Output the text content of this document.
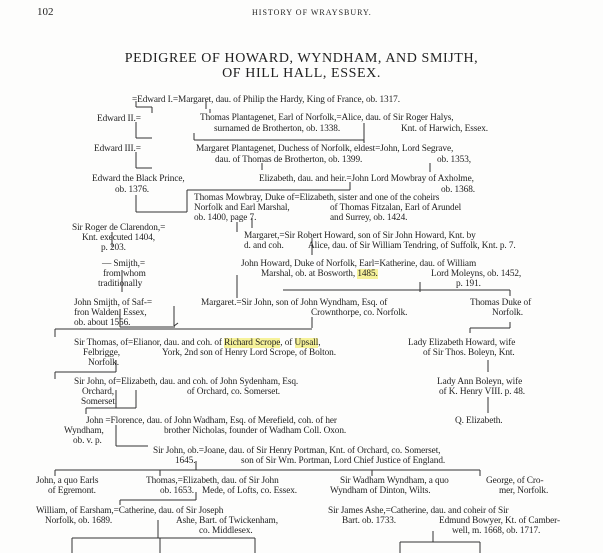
102	HISTORY OF WRAYSBURY.
PEDIGREE OF HOWARD, WYNDHAM, AND SMIJTH,
OF HILL HALL, ESSEX.
=Edward I.=Margaret, dau. of Philip the Hardy, King of France, ob. 1317.
Edward II.=	Thomas Plantagenet, Earl of Norfolk,=Alice, dau. of Sir Roger Halys,
surnamed de Brotherton, ob. 1338.	Knt. of Harwich, Essex.
Edward III.=	Margaret Plantagenet, Duchess of Norfolk, eldest=John, Lord Segrave,
dau. of Thomas de Brotherton, ob. 1399.	ob. 1353,
Edward the Black Prince,
ob. 1376.
Elizabeth, dau. and heir.=John Lord Mowbray of Axholme,
ob. 1368.
Thomas Mowbray, Duke of=Elizabeth, sister and one of the coheirs
Norfolk and Earl Marshal,	of Thomas Fitzalan, Earl of Arundel
ob. 1400, page 7.	and Surrey, ob. 1424.
Sir Roger de Clarendon,=
Knt. executed 1404,
p. 203.
Margaret,=Sir Robert Howard, son of Sir John Howard, Knt. by
d. and coh.	Alice, dau. of Sir William Tendring, of Suffolk, Knt. p. 7.
— Smijth,=
from whom
traditionally
John Howard, Duke of Norfolk, Earl=Katherine, dau. of William
Marshal, ob. at Bosworth, 1485.	Lord Moleyns, ob. 1452,
p. 191.
John Smijth, of Saf-=
fron Walden, Essex,
ob. about 1556.
Margaret.=Sir John, son of John Wyndham, Esq. of
Crownthorpe, co. Norfolk.
Thomas Duke of
Norfolk.
Sir Thomas, of=Elianor, dau. and coh. of Richard Scrope, of Upsall,
Felbrigge,	York, 2nd son of Henry Lord Scrope, of Bolton.
Norfolk.
Lady Elizabeth Howard, wife
of Sir Thos. Boleyn, Knt.
Sir John, of=Elizabeth, dau. and coh. of John Sydenham, Esq.
Orchard,	of Orchard, co. Somerset.
Somerset.
Lady Ann Boleyn, wife
of K. Henry VIII. p. 48.
John =Florence, dau. of John Wadham, Esq. of Merefield, coh. of her
Wyndham,	brother Nicholas, founder of Wadham Coll. Oxon.
ob. v. p.
Q. Elizabeth.
Sir John, ob.=Joane, dau. of Sir Henry Portman, Knt. of Orchard, co. Somerset,
1645.	son of Sir Wm. Portman, Lord Chief Justice of England.
John, a quo Earls
of Egremont.
Thomas,=Elizabeth, dau. of Sir John
ob. 1653. Mede, of Lofts, co. Essex.
Sir Wadham Wyndham, a quo
Wyndham of Dinton, Wilts.
George, of Cro-
mer, Norfolk.
William, of Earsham,=Catherine, dau. of Sir Joseph
Norfolk, ob. 1689.	Ashe, Bart. of Twickenham,
co. Middlesex.
Sir James Ashe,=Catherine, dau. and coheir of Sir
Bart. ob. 1733.	Edmund Bowyer, Kt. of Camber-
well, m. 1668, ob. 1717.
